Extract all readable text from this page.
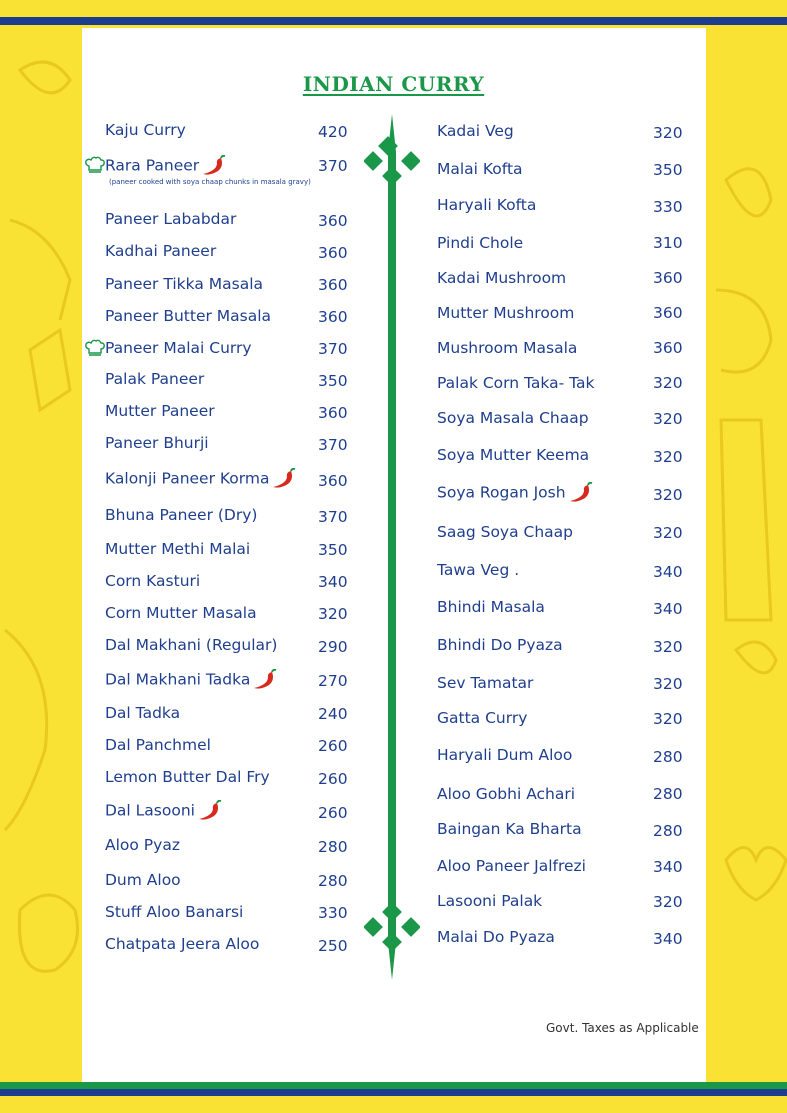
INDIAN CURRY
Kaju Curry	420
Rara Paneer	370
(paneer cooked with soya chaap chunks in masala gravy)
Paneer Lababdar	360
Kadhai Paneer	360
Paneer Tikka Masala	360
Paneer Butter Masala	360
Paneer Malai Curry	370
Palak Paneer	350
Mutter Paneer	360
Paneer Bhurji	370
Kalonji Paneer Korma	360
Bhuna Paneer (Dry)	370
Mutter Methi Malai	350
Corn Kasturi	340
Corn Mutter Masala	320
Dal Makhani (Regular)	290
Dal Makhani Tadka	270
Dal Tadka	240
Dal Panchmel	260
Lemon Butter Dal Fry	260
Dal Lasooni	260
Aloo Pyaz	280
Dum Aloo	280
Stuff Aloo Banarsi	330
Chatpata Jeera Aloo	250
Kadai Veg	320
Malai Kofta	350
Haryali Kofta	330
Pindi Chole	310
Kadai Mushroom	360
Mutter Mushroom	360
Mushroom Masala	360
Palak Corn Taka- Tak	320
Soya Masala Chaap	320
Soya Mutter Keema	320
Soya Rogan Josh	320
Saag Soya Chaap	320
Tawa Veg .	340
Bhindi Masala	340
Bhindi Do Pyaza	320
Sev Tamatar	320
Gatta Curry	320
Haryali Dum Aloo	280
Aloo Gobhi Achari	280
Baingan Ka Bharta	280
Aloo Paneer Jalfrezi	340
Lasooni Palak	320
Malai Do Pyaza	340
Govt. Taxes as Applicable
